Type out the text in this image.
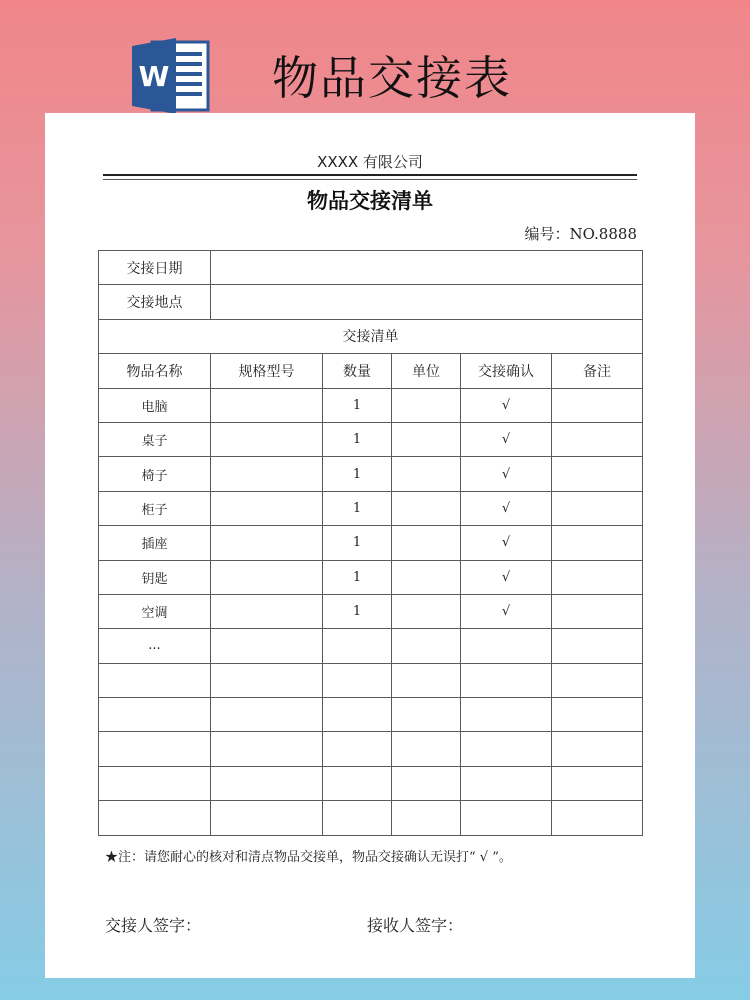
W 物品交接表
XXXX 有限公司
物品交接清单
编号：NO.8888
交接日期					
交接地点					
交接清单					
物品名称	规格型号	数量	单位	交接确认	备注
电脑		1		√	
桌子		1		√	
椅子		1		√	
柜子		1		√	
插座		1		√	
钥匙		1		√	
空调		1		√	
...					

★注：请您耐心的核对和清点物品交接单，物品交接确认无误打“ √ ”。
交接人签字：	接收人签字：
